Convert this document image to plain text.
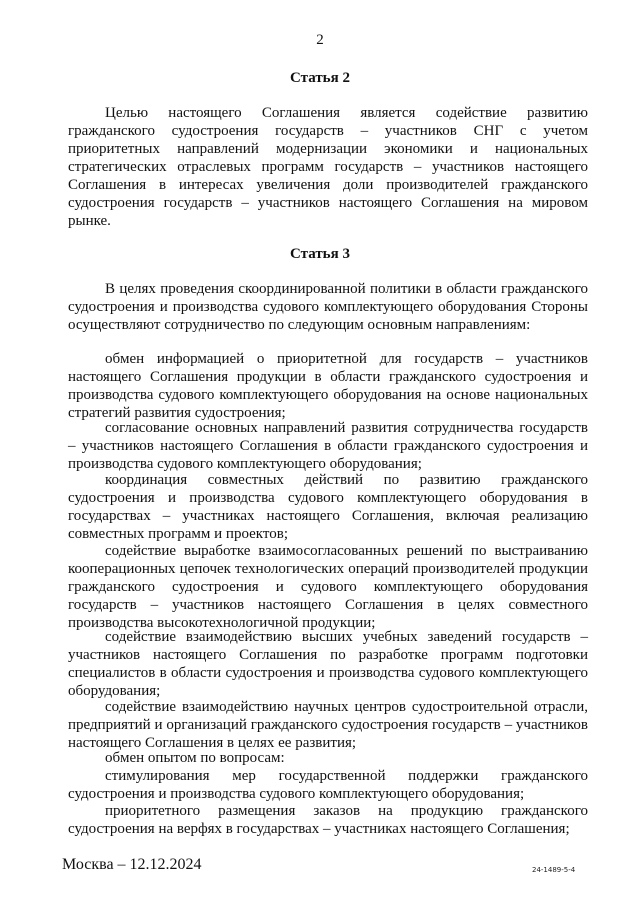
2
Статья 2

Целью настоящего Соглашения является содействие развитию гражданского судостроения государств – участников СНГ с учетом приоритетных направлений модернизации экономики и национальных стратегических отраслевых программ государств – участников настоящего Соглашения в интересах увеличения доли производителей гражданского судостроения государств – участников настоящего Соглашения на мировом рынке.

Статья 3

В целях проведения скоординированной политики в области гражданского судостроения и производства судового комплектующего оборудования Стороны осуществляют сотрудничество по следующим основным направлениям:

обмен информацией о приоритетной для государств – участников настоящего Соглашения продукции в области гражданского судостроения и производства судового комплектующего оборудования на основе национальных стратегий развития судостроения;

согласование основных направлений развития сотрудничества государств – участников настоящего Соглашения в области гражданского судостроения и производства судового комплектующего оборудования;

координация совместных действий по развитию гражданского судостроения и производства судового комплектующего оборудования в государствах – участниках настоящего Соглашения, включая реализацию совместных программ и проектов;

содействие выработке взаимосогласованных решений по выстраиванию кооперационных цепочек технологических операций производителей продукции гражданского судостроения и судового комплектующего оборудования государств – участников настоящего Соглашения в целях совместного производства высокотехнологичной продукции;

содействие взаимодействию высших учебных заведений государств – участников настоящего Соглашения по разработке программ подготовки специалистов в области судостроения и производства судового комплектующего оборудования;

содействие взаимодействию научных центров судостроительной отрасли, предприятий и организаций гражданского судостроения государств – участников настоящего Соглашения в целях ее развития;

обмен опытом по вопросам:

стимулирования мер государственной поддержки гражданского судостроения и производства судового комплектующего оборудования;

приоритетного размещения заказов на продукцию гражданского судостроения на верфях в государствах – участниках настоящего Соглашения;

Москва – 12.12.2024	24-1489-5-4
